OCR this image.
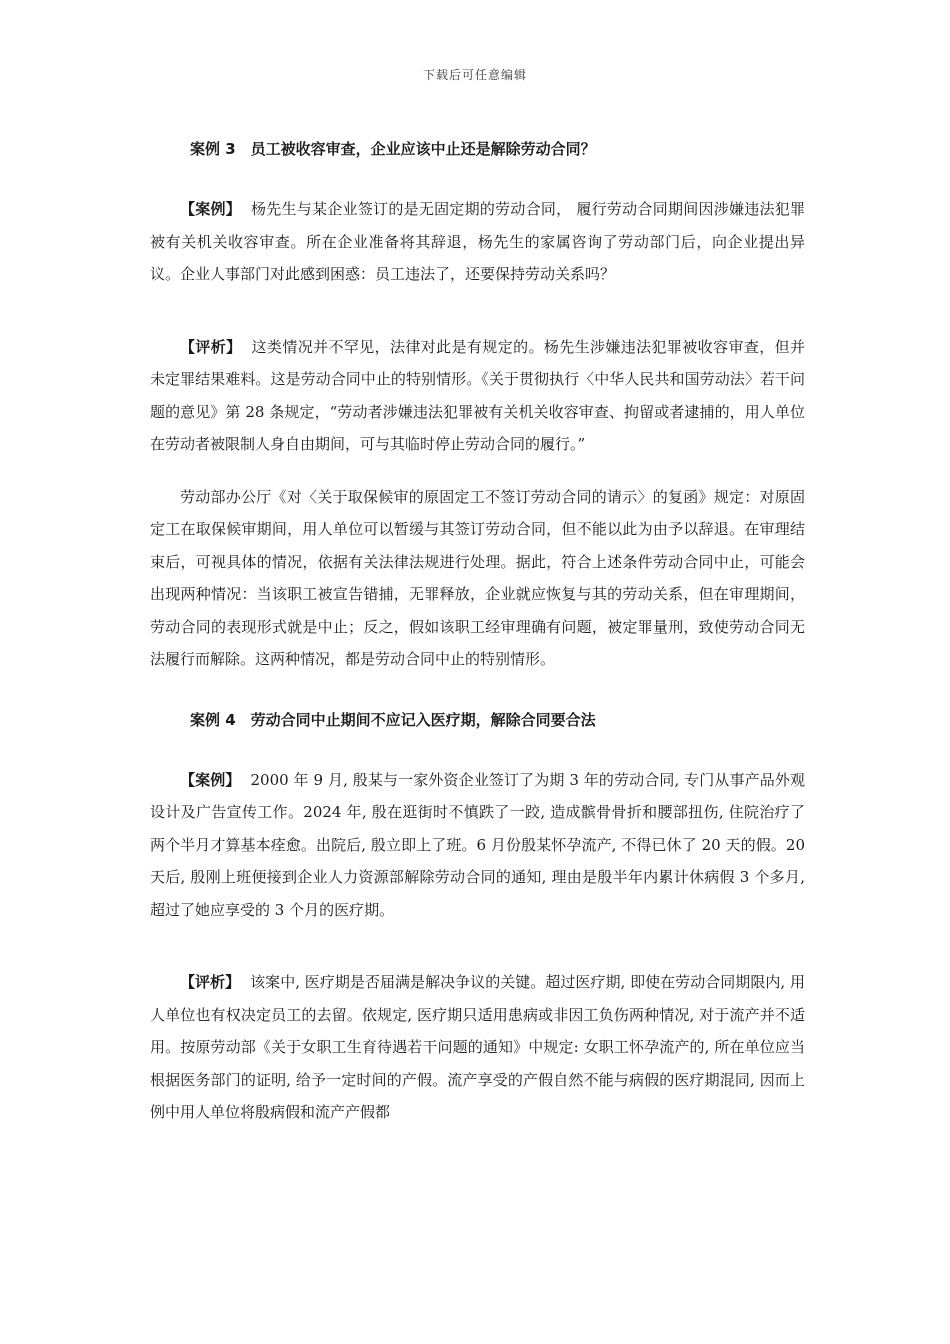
下载后可任意编辑
案例 3　员工被收容审查，企业应该中止还是解除劳动合同？

【案例】 杨先生与某企业签订的是无固定期的劳动合同， 履行劳动合同期间因涉嫌违法犯罪被有关机关收容审查。所在企业准备将其辞退，杨先生的家属咨询了劳动部门后，向企业提出异议。企业人事部门对此感到困惑：员工违法了，还要保持劳动关系吗？

【评析】 这类情况并不罕见，法律对此是有规定的。杨先生涉嫌违法犯罪被收容审查，但并未定罪结果难料。这是劳动合同中止的特别情形。《关于贯彻执行〈中华人民共和国劳动法〉若干问题的意见》第 28 条规定，“劳动者涉嫌违法犯罪被有关机关收容审查、拘留或者逮捕的，用人单位在劳动者被限制人身自由期间，可与其临时停止劳动合同的履行。”

劳动部办公厅《对〈关于取保候审的原固定工不签订劳动合同的请示〉的复函》规定：对原固定工在取保候审期间，用人单位可以暂缓与其签订劳动合同，但不能以此为由予以辞退。在审理结束后，可视具体的情况，依据有关法律法规进行处理。据此，符合上述条件劳动合同中止，可能会出现两种情况：当该职工被宣告错捕，无罪释放，企业就应恢复与其的劳动关系，但在审理期间，劳动合同的表现形式就是中止；反之，假如该职工经审理确有问题，被定罪量刑，致使劳动合同无法履行而解除。这两种情况，都是劳动合同中止的特别情形。

案例 4　劳动合同中止期间不应记入医疗期，解除合同要合法

【案例】 2000 年 9 月, 殷某与一家外资企业签订了为期 3 年的劳动合同, 专门从事产品外观设计及广告宣传工作。2024 年, 殷在逛街时不慎跌了一跤, 造成髌骨骨折和腰部扭伤, 住院治疗了两个半月才算基本痊愈。出院后, 殷立即上了班。6 月份殷某怀孕流产, 不得已休了 20 天的假。20 天后, 殷刚上班便接到企业人力资源部解除劳动合同的通知, 理由是殷半年内累计休病假 3 个多月, 超过了她应享受的 3 个月的医疗期。

【评析】 该案中, 医疗期是否届满是解决争议的关键。超过医疗期, 即使在劳动合同期限内, 用人单位也有权决定员工的去留。依规定, 医疗期只适用患病或非因工负伤两种情况, 对于流产并不适用。按原劳动部《关于女职工生育待遇若干问题的通知》中规定: 女职工怀孕流产的, 所在单位应当根据医务部门的证明, 给予一定时间的产假。流产享受的产假自然不能与病假的医疗期混同, 因而上例中用人单位将殷病假和流产产假都
